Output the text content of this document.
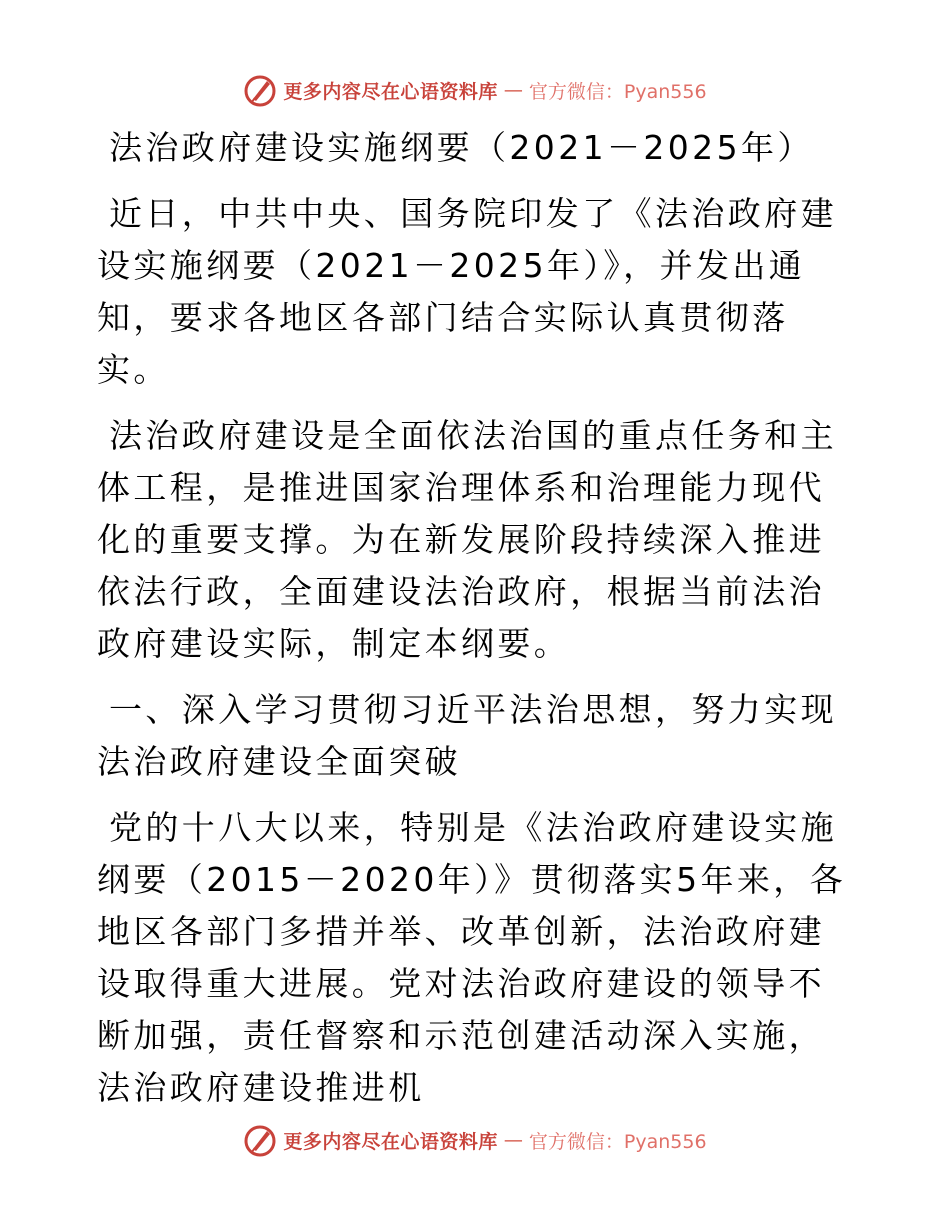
更多内容尽在心语资料库 — 官方微信：Pyan556

法治政府建设实施纲要（2021－2025年）

近日，中共中央、国务院印发了《法治政府建设实施纲要（2021－2025年）》，并发出通知，要求各地区各部门结合实际认真贯彻落实。

法治政府建设是全面依法治国的重点任务和主体工程，是推进国家治理体系和治理能力现代化的重要支撑。为在新发展阶段持续深入推进依法行政，全面建设法治政府，根据当前法治政府建设实际，制定本纲要。

一、深入学习贯彻习近平法治思想，努力实现法治政府建设全面突破

党的十八大以来，特别是《法治政府建设实施纲要（2015－2020年）》贯彻落实5年来，各地区各部门多措并举、改革创新，法治政府建设取得重大进展。党对法治政府建设的领导不断加强，责任督察和示范创建活动深入实施，法治政府建设推进机

更多内容尽在心语资料库 — 官方微信：Pyan556
